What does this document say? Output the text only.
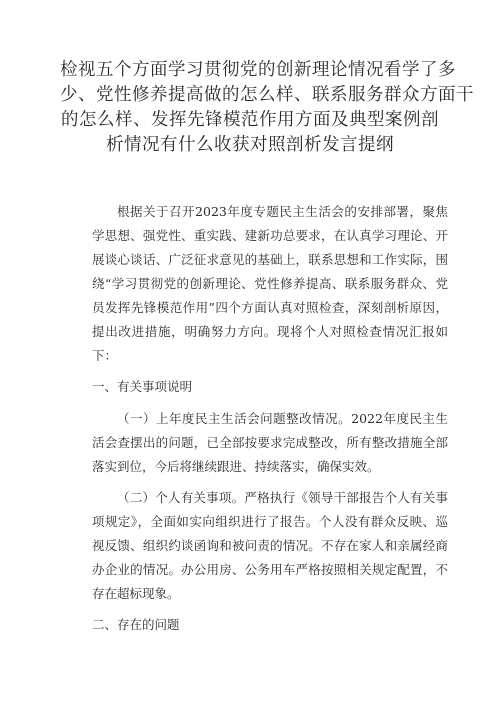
检视五个方面学习贯彻党的创新理论情况看学了多
少、党性修养提高做的怎么样、联系服务群众方面干
的怎么样、发挥先锋模范作用方面及典型案例剖
析情况有什么收获对照剖析发言提纲

根据关于召开2023年度专题民主生活会的安排部署，聚焦学思想、强党性、重实践、建新功总要求，在认真学习理论、开展谈心谈话、广泛征求意见的基础上，联系思想和工作实际，围绕“学习贯彻党的创新理论、党性修养提高、联系服务群众、党员发挥先锋模范作用”四个方面认真对照检查，深刻剖析原因，提出改进措施，明确努力方向。现将个人对照检查情况汇报如下：

一、有关事项说明

（一）上年度民主生活会问题整改情况。2022年度民主生活会查摆出的问题，已全部按要求完成整改，所有整改措施全部落实到位，今后将继续跟进、持续落实，确保实效。

（二）个人有关事项。严格执行《领导干部报告个人有关事项规定》，全面如实向组织进行了报告。个人没有群众反映、巡视反馈、组织约谈函询和被问责的情况。不存在家人和亲属经商办企业的情况。办公用房、公务用车严格按照相关规定配置，不存在超标现象。

二、存在的问题
